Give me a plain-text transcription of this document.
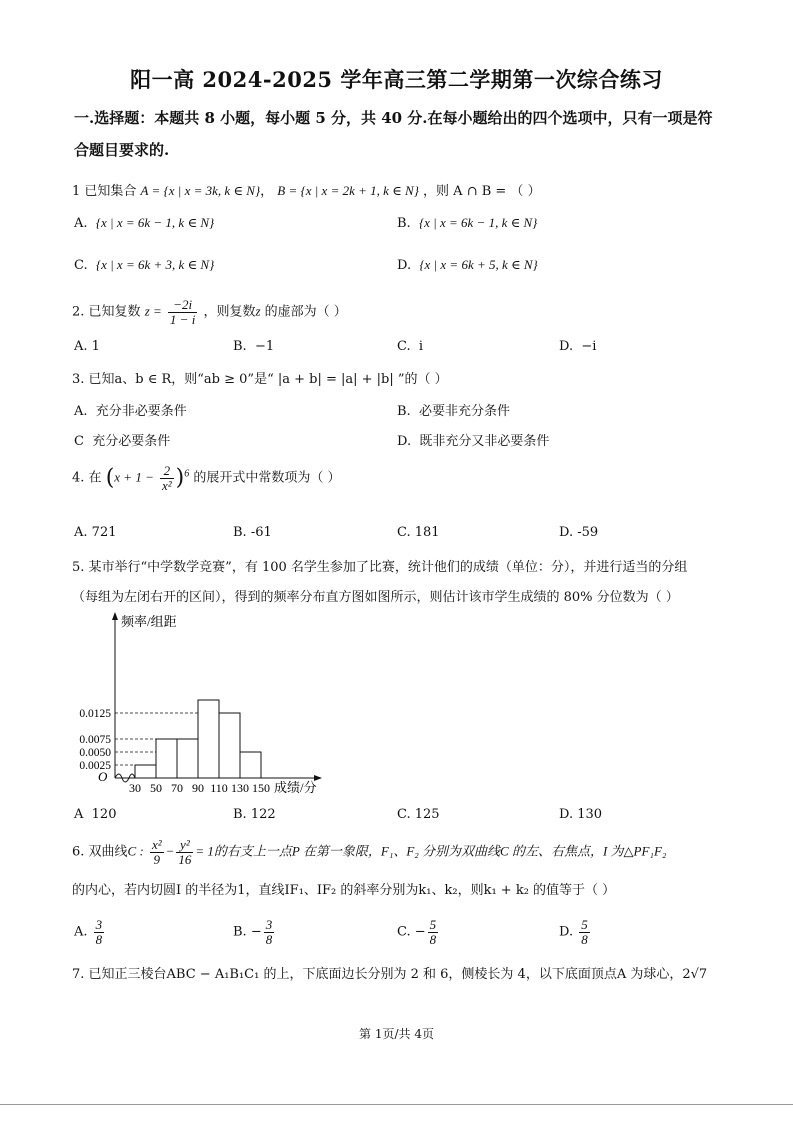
阳一高 2024-2025 学年高三第二学期第一次综合练习
一.选择题：本题共 8 小题，每小题 5 分，共 40 分.在每小题给出的四个选项中，只有一项是符
合题目要求的.
1 已知集合 A = {x | x = 3k, k ∈ N}， B = {x | x = 2k + 1, k ∈ N} ，则 A ∩ B = （ ）
A. {x | x = 6k − 1, k ∈ N}	B. {x | x = 6k − 1, k ∈ N}
C. {x | x = 6k + 3, k ∈ N}	D. {x | x = 6k + 5, k ∈ N}
2. 已知复数 $z = \frac{-2i}{1 - i}$ ，则复数z 的虚部为（ ）
A. 1	B. −1	C. i	D. −i
3. 已知a、b ∈ R，则“ab ≥ 0”是“ |a + b| = |a| + |b| ”的（ ）
A. 充分非必要条件	B. 必要非充分条件
C 充分必要条件	D. 既非充分又非必要条件
4. 在 $(x + 1 - \frac{2}{\text{x²}} )^6$ 的展开式中常数项为（ ）
A. 721	B. -61	C. 181	D. -59
5. 某市举行“中学数学竞赛”，有 100 名学生参加了比赛，统计他们的成绩（单位：分），并进行适当的分组
（每组为左闭右开的区间），得到的频率分布直方图如图所示，则估计该市学生成绩的 80% 分位数为（ ）
频率/组距
成绩/分
O
0.0025
0.0050
0.0075
0.0125
30 50 70 90 110 130 150
A 120	B. 122	C. 125	D. 130
6. 双曲线C : $\frac{\text{x²}}{9} - \frac{\text{y²}}{16} = 1$的右支上一点P 在第一象限，F₁、F₂ 分别为双曲线C 的左、右焦点，I 为△PF₁F₂
的内心，若内切圆I 的半径为1，直线IF₁、IF₂ 的斜率分别为k₁、k₂，则k₁ + k₂ 的值等于（ ）
A. $\frac{3}{8}$	B. − $\frac{3}{8}$	C. − $\frac{5}{8}$	D. $\frac{5}{8}$
7. 已知正三棱台ABC − A₁B₁C₁ 的上，下底面边长分别为 2 和 6，侧棱长为 4，以下底面顶点A 为球心，2√7
第 1页/共 4页
